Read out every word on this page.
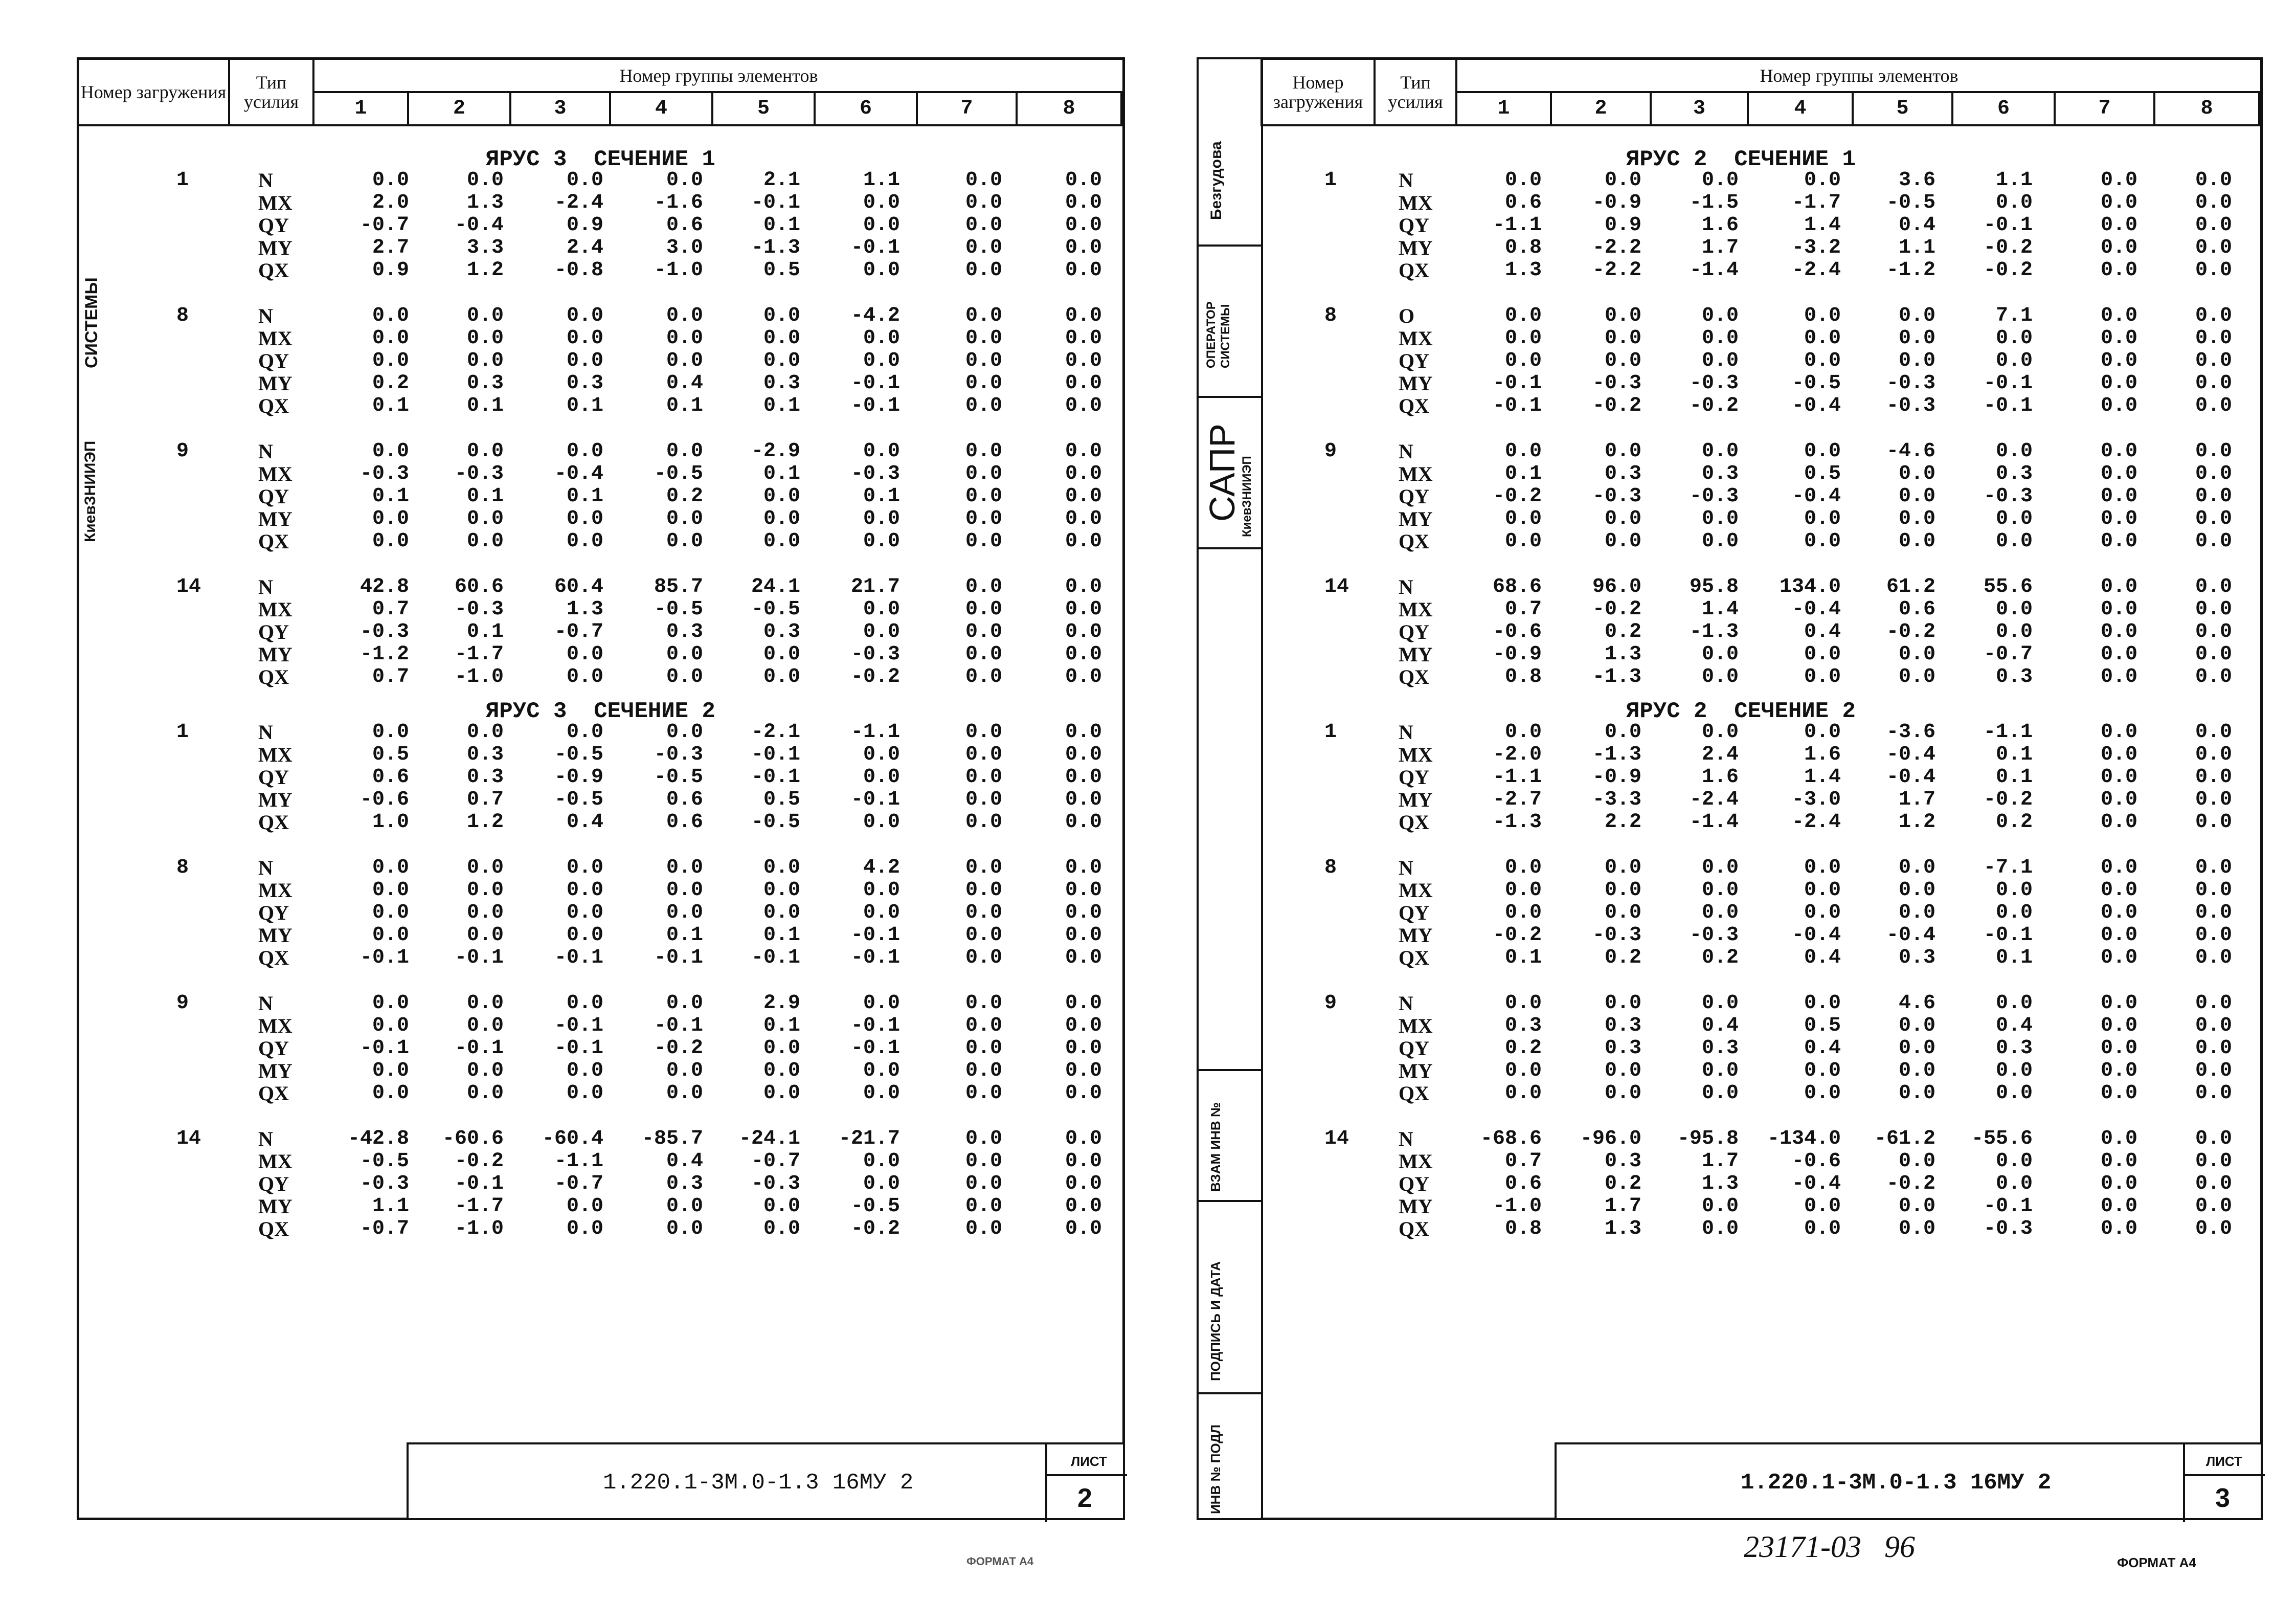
Номер загружения	Тип усилия
Номер группы элементов
1	2	3	4	5	6	7	8
ЯРУС 3  СЕЧЕНИЕ 1
1	N	0.0	0.0	0.0	0.0	2.1	1.1	0.0	0.0
MX	2.0	1.3	-2.4	-1.6	-0.1	0.0	0.0	0.0
QY	-0.7	-0.4	0.9	0.6	0.1	0.0	0.0	0.0
MY	2.7	3.3	2.4	3.0	-1.3	-0.1	0.0	0.0
QX	0.9	1.2	-0.8	-1.0	0.5	0.0	0.0	0.0
8	N	0.0	0.0	0.0	0.0	0.0	-4.2	0.0	0.0
MX	0.0	0.0	0.0	0.0	0.0	0.0	0.0	0.0
QY	0.0	0.0	0.0	0.0	0.0	0.0	0.0	0.0
MY	0.2	0.3	0.3	0.4	0.3	-0.1	0.0	0.0
QX	0.1	0.1	0.1	0.1	0.1	-0.1	0.0	0.0
9	N	0.0	0.0	0.0	0.0	-2.9	0.0	0.0	0.0
MX	-0.3	-0.3	-0.4	-0.5	0.1	-0.3	0.0	0.0
QY	0.1	0.1	0.1	0.2	0.0	0.1	0.0	0.0
MY	0.0	0.0	0.0	0.0	0.0	0.0	0.0	0.0
QX	0.0	0.0	0.0	0.0	0.0	0.0	0.0	0.0
14	N	42.8	60.6	60.4	85.7	24.1	21.7	0.0	0.0
MX	0.7	-0.3	1.3	-0.5	-0.5	0.0	0.0	0.0
QY	-0.3	0.1	-0.7	0.3	0.3	0.0	0.0	0.0
MY	-1.2	-1.7	0.0	0.0	0.0	-0.3	0.0	0.0
QX	0.7	-1.0	0.0	0.0	0.0	-0.2	0.0	0.0
ЯРУС 3  СЕЧЕНИЕ 2
1	N	0.0	0.0	0.0	0.0	-2.1	-1.1	0.0	0.0
MX	0.5	0.3	-0.5	-0.3	-0.1	0.0	0.0	0.0
QY	0.6	0.3	-0.9	-0.5	-0.1	0.0	0.0	0.0
MY	-0.6	0.7	-0.5	0.6	0.5	-0.1	0.0	0.0
QX	1.0	1.2	0.4	0.6	-0.5	0.0	0.0	0.0
8	N	0.0	0.0	0.0	0.0	0.0	4.2	0.0	0.0
MX	0.0	0.0	0.0	0.0	0.0	0.0	0.0	0.0
QY	0.0	0.0	0.0	0.0	0.0	0.0	0.0	0.0
MY	0.0	0.0	0.0	0.1	0.1	-0.1	0.0	0.0
QX	-0.1	-0.1	-0.1	-0.1	-0.1	-0.1	0.0	0.0
9	N	0.0	0.0	0.0	0.0	2.9	0.0	0.0	0.0
MX	0.0	0.0	-0.1	-0.1	0.1	-0.1	0.0	0.0
QY	-0.1	-0.1	-0.1	-0.2	0.0	-0.1	0.0	0.0
MY	0.0	0.0	0.0	0.0	0.0	0.0	0.0	0.0
QX	0.0	0.0	0.0	0.0	0.0	0.0	0.0	0.0
14	N	-42.8	-60.6	-60.4	-85.7	-24.1	-21.7	0.0	0.0
MX	-0.5	-0.2	-1.1	0.4	-0.7	0.0	0.0	0.0
QY	-0.3	-0.1	-0.7	0.3	-0.3	0.0	0.0	0.0
MY	1.1	-1.7	0.0	0.0	0.0	-0.5	0.0	0.0
QX	-0.7	-1.0	0.0	0.0	0.0	-0.2	0.0	0.0
Номер загружения
Тип усилия
Номер группы элементов
1	2	3	4	5	6	7	8
ЯРУС 2  СЕЧЕНИЕ 1
1	N	0.0	0.0	0.0	0.0	3.6	1.1	0.0	0.0
MX	0.6	-0.9	-1.5	-1.7	-0.5	0.0	0.0	0.0
QY	-1.1	0.9	1.6	1.4	0.4	-0.1	0.0	0.0
MY	0.8	-2.2	1.7	-3.2	1.1	-0.2	0.0	0.0
QX	1.3	-2.2	-1.4	-2.4	-1.2	-0.2	0.0	0.0
8	O	0.0	0.0	0.0	0.0	0.0	7.1	0.0	0.0
MX	0.0	0.0	0.0	0.0	0.0	0.0	0.0	0.0
QY	0.0	0.0	0.0	0.0	0.0	0.0	0.0	0.0
MY	-0.1	-0.3	-0.3	-0.5	-0.3	-0.1	0.0	0.0
QX	-0.1	-0.2	-0.2	-0.4	-0.3	-0.1	0.0	0.0
9	N	0.0	0.0	0.0	0.0	-4.6	0.0	0.0	0.0
MX	0.1	0.3	0.3	0.5	0.0	0.3	0.0	0.0
QY	-0.2	-0.3	-0.3	-0.4	0.0	-0.3	0.0	0.0
MY	0.0	0.0	0.0	0.0	0.0	0.0	0.0	0.0
QX	0.0	0.0	0.0	0.0	0.0	0.0	0.0	0.0
14 N	68.6	96.0	95.8	134.0	61.2	55.6	0.0	0.0
MX	0.7	-0.2	1.4	-0.4	0.6	0.0	0.0	0.0
QY	-0.6	0.2	-1.3	0.4	-0.2	0.0	0.0	0.0
MY	-0.9	1.3	0.0	0.0	0.0	-0.7	0.0	0.0
QX	0.8	-1.3	0.0	0.0	0.0	0.3	0.0	0.0
ЯРУС 2  СЕЧЕНИЕ 2
1	N	0.0	0.0	0.0	0.0	-3.6	-1.1	0.0	0.0
MX	-2.0	-1.3	2.4	1.6	-0.4	0.1	0.0	0.0
QY	-1.1	-0.9	1.6	1.4	-0.4	0.1	0.0	0.0
MY	-2.7	-3.3	-2.4	-3.0	1.7	-0.2	0.0	0.0
QX	-1.3	2.2	-1.4	-2.4	1.2	0.2	0.0	0.0
8	N	0.0	0.0	0.0	0.0	0.0	-7.1	0.0	0.0
MX	0.0	0.0	0.0	0.0	0.0	0.0	0.0	0.0
QY	0.0	0.0	0.0	0.0	0.0	0.0	0.0	0.0
MY	-0.2	-0.3	-0.3	-0.4	-0.4	-0.1	0.0	0.0
QX	0.1	0.2	0.2	0.4	0.3	0.1	0.0	0.0
9	N	0.0	0.0	0.0	0.0	4.6	0.0	0.0	0.0
MX	0.3	0.3	0.4	0.5	0.0	0.4	0.0	0.0
QY	0.2	0.3	0.3	0.4	0.0	0.3	0.0	0.0
MY	0.0	0.0	0.0	0.0	0.0	0.0	0.0	0.0
QX	0.0	0.0	0.0	0.0	0.0	0.0	0.0	0.0
14 N	-68.6	-96.0	-95.8	-134.0	-61.2	-55.6	0.0	0.0
MX	0.7	0.3	1.7	-0.6	0.0	0.0	0.0	0.0
QY	0.6	0.2	1.3	-0.4	-0.2	0.0	0.0	0.0
MY	-1.0	1.7	0.0	0.0	0.0	-0.1	0.0	0.0
QX	0.8	1.3	0.0	0.0	0.0	-0.3	0.0	0.0
СИСТЕМЫ
КиевЗНИИЭП
Безгудова
ОПЕРАТОР СИСТЕМЫ
САПР
КиевЗНИИЭП
ВЗАМ ИНВ №
ПОДПИСЬ И ДАТА
ИНВ № ПОДЛ
1.220.1-3М.0-1.3 16МУ 2
ЛИСТ
2
1.220.1-3М.0-1.3 16МУ 2
ЛИСТ
3
ФОРМАТ А4	ФОРМАТ А4
23171-03   96
